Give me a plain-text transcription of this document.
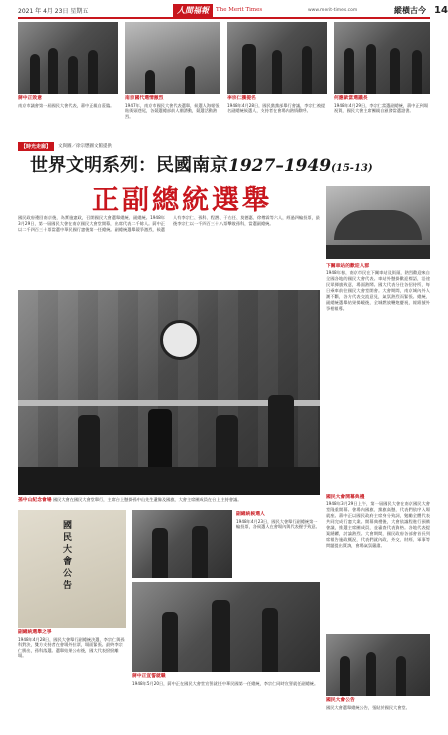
2021 年 4月 23日 星期五	人間福報	The Merit Times	www.merit-times.com	縱橫古今 14
蔣中正致意
南京市議會第一屆國民大會代表，蔣中正親自蒞臨。
南京國代選情激烈
1947年，南京市國民大會代表選舉，候選人海報張貼街頭巷尾，各競選總部前人潮湧動，競選活動熱烈。
李宗仁獲提名
1948年4月28日，國民黨黨部舉行會議，李宗仁被提名副總統候選人，支持者在會場內熱情歡呼。
何應欽當選議長
1948年4月29日，李宗仁當選副總統，蔣中正到場祝賀，國民大會主席團親自頒發當選證書。
【時光走廊】	文與圖／徐宗懋圖文館提供
世界文明系列：民國南京1927–1949(15-13)
正副總統選舉
國民政府遷回南京後，為實施憲政，召開國民大會選舉總統、副總統。1948年3月29日，第一屆國民大會在南京國民大會堂開幕，出席代表二千餘人。蔣中正以二千四百三十票當選中華民國行憲後第一任總統。副總統選舉競爭激烈，候選人有李宗仁、孫科、程潛、于右任、莫德惠、徐傅霖等六人，經過四輪投票，最後李宗仁以一千四百三十八票擊敗孫科，當選副總統。
下關車站的歡迎人群
1948年春，南京市民在下關車站及街頭，熱烈歡迎來自全國各地的國民大會代表。車站外懸掛歡迎標語，沿途民眾揮旗致意，場面熱鬧。國大代表分住各招待所，每日乘車前往國民大會堂開會。大會期間，南京城內外人潮不斷，各方代表交流意見，氣氛熱烈而緊張。總統、副總統選舉結果揭曉後，全城燃放鞭炮慶祝，報紙號外爭相報導。
孫中山紀念會場 國民大會在國民大會堂舉行，主席台上懸掛孫中山先生遺像及國旗，大會主席團成員在台上主持會議。	國民大會開幕典禮
1948年3月29日上午，第一屆國民大會在南京國民大會堂隆重開幕。會場內國旗、黨旗高懸，代表們依序入場就座。蔣中正以國民政府主席身分致詞，勉勵全體代表共同完成行憲大業。開幕典禮後，大會依議程進行預備會議，推選主席團成員，並審查代表資格。各地代表提案踴躍，討論熱烈。大會期間，國民政府各部會首長列席報告施政概況，代表們就內政、外交、財經、軍事等問題提出質詢，會場氣氛嚴肅。
國民大會公告
副總統選舉之爭
1948年4月28日，國民大會舉行副總統決選，李宗仁與孫科對決，雙方支持者在會場外拉票，場面緊張。最終李宗仁勝出，孫科落選。選舉結果公布後，國大代表紛紛離場。
副總統候選人
1948年4月23日，國民大會舉行副總統第一輪投票，各候選人在會場內與代表握手致意。
蔣中正宣誓就職
1948年5月20日，蔣中正在國民大會堂宣誓就任中華民國第一任總統，李宗仁同時宣誓就任副總統。
國民大會公告
國民大會選舉總統公告，張貼於國民大會堂。
